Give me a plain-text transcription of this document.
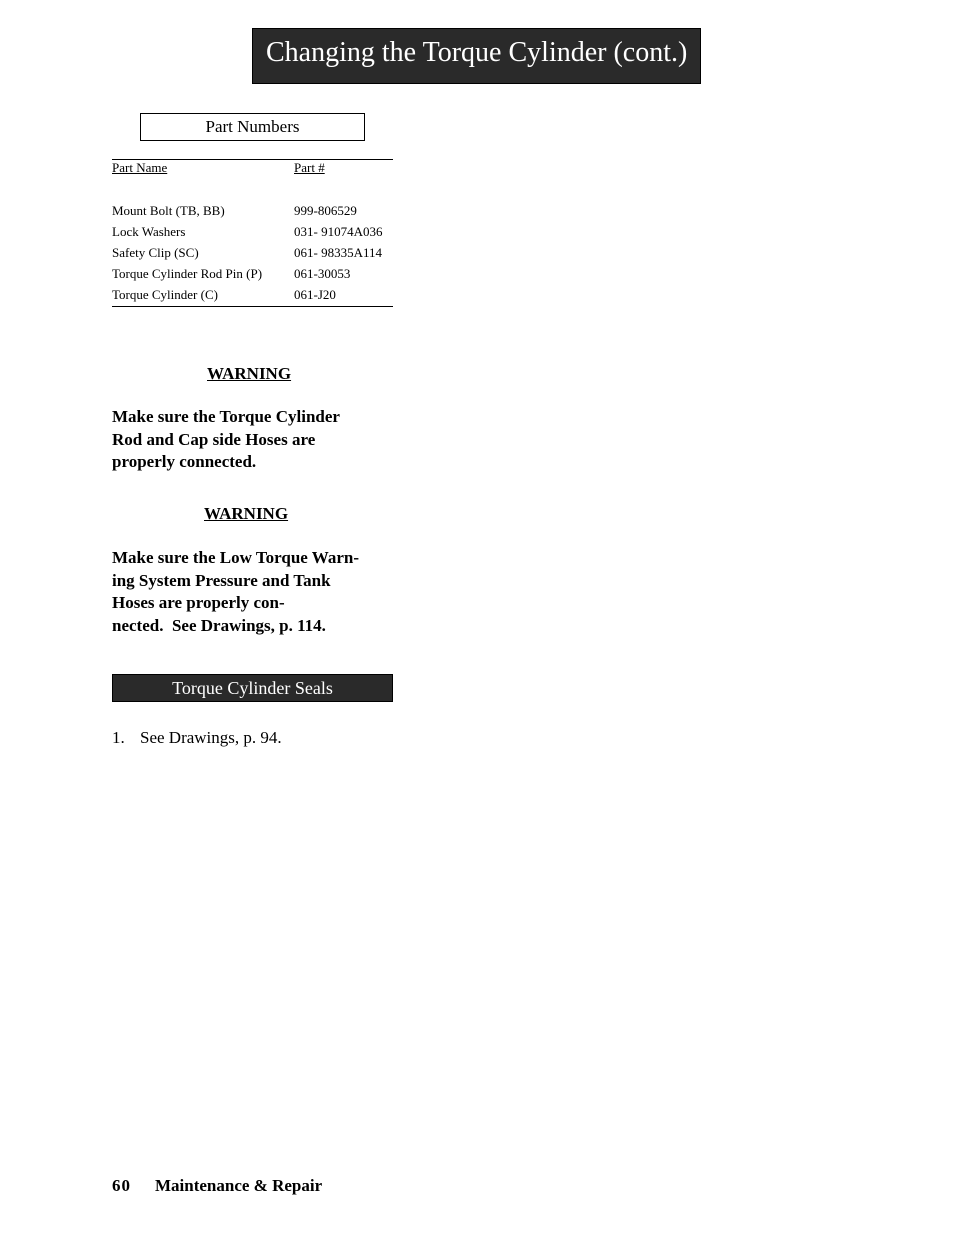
Changing the Torque Cylinder (cont.)
Part Numbers
Part Name	Part #
Mount Bolt (TB, BB)	999-806529
Lock Washers	031- 91074A036
Safety Clip (SC)	061- 98335A114
Torque Cylinder Rod Pin (P) 061-30053
Torque Cylinder (C)	061-J20
WARNING

Make sure the Torque Cylinder
Rod and Cap side Hoses are
properly connected.

WARNING

Make sure the Low Torque Warn-
ing System Pressure and Tank
Hoses are properly con-
nected.  See Drawings, p. 114.

Torque Cylinder Seals
1. See Drawings, p. 94.
60 Maintenance & Repair
